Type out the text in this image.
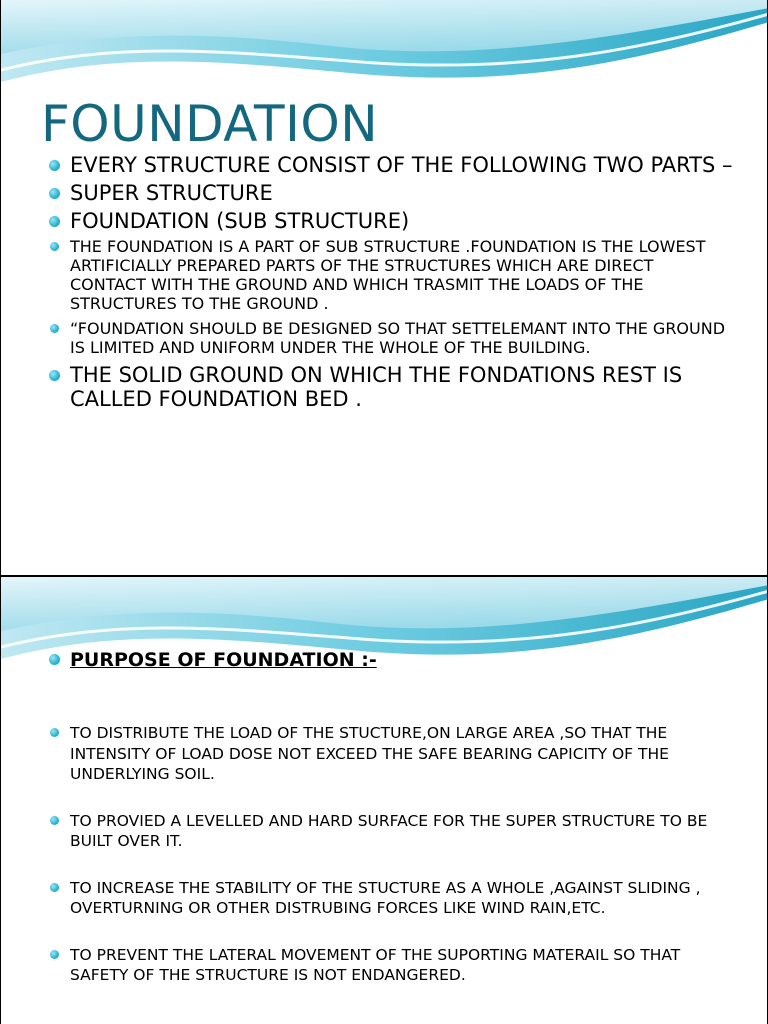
FOUNDATION
EVERY STRUCTURE CONSIST OF THE FOLLOWING TWO PARTS –
SUPER STRUCTURE
FOUNDATION (SUB STRUCTURE)
THE FOUNDATION IS A PART OF SUB STRUCTURE .FOUNDATION IS THE LOWEST ARTIFICIALLY PREPARED PARTS OF THE STRUCTURES WHICH ARE DIRECT CONTACT WITH THE GROUND AND WHICH TRASMIT THE LOADS OF THE STRUCTURES TO THE GROUND .
“FOUNDATION SHOULD BE DESIGNED SO THAT SETTELEMANT INTO THE GROUND IS LIMITED AND UNIFORM UNDER THE WHOLE OF THE BUILDING.
THE SOLID GROUND ON WHICH THE FONDATIONS REST IS CALLED FOUNDATION BED .
PURPOSE OF FOUNDATION :-
TO DISTRIBUTE THE LOAD OF THE STUCTURE,ON LARGE AREA ,SO THAT THE INTENSITY OF LOAD DOSE NOT EXCEED THE SAFE BEARING CAPICITY OF THE UNDERLYING SOIL.
TO PROVIED A LEVELLED AND HARD SURFACE FOR THE SUPER STRUCTURE TO BE BUILT OVER IT.
TO INCREASE THE STABILITY OF THE STUCTURE AS A WHOLE ,AGAINST SLIDING , OVERTURNING OR OTHER DISTRUBING FORCES LIKE WIND RAIN,ETC.
TO PREVENT THE LATERAL MOVEMENT OF THE SUPORTING MATERAIL SO THAT SAFETY OF THE STRUCTURE IS NOT ENDANGERED.
